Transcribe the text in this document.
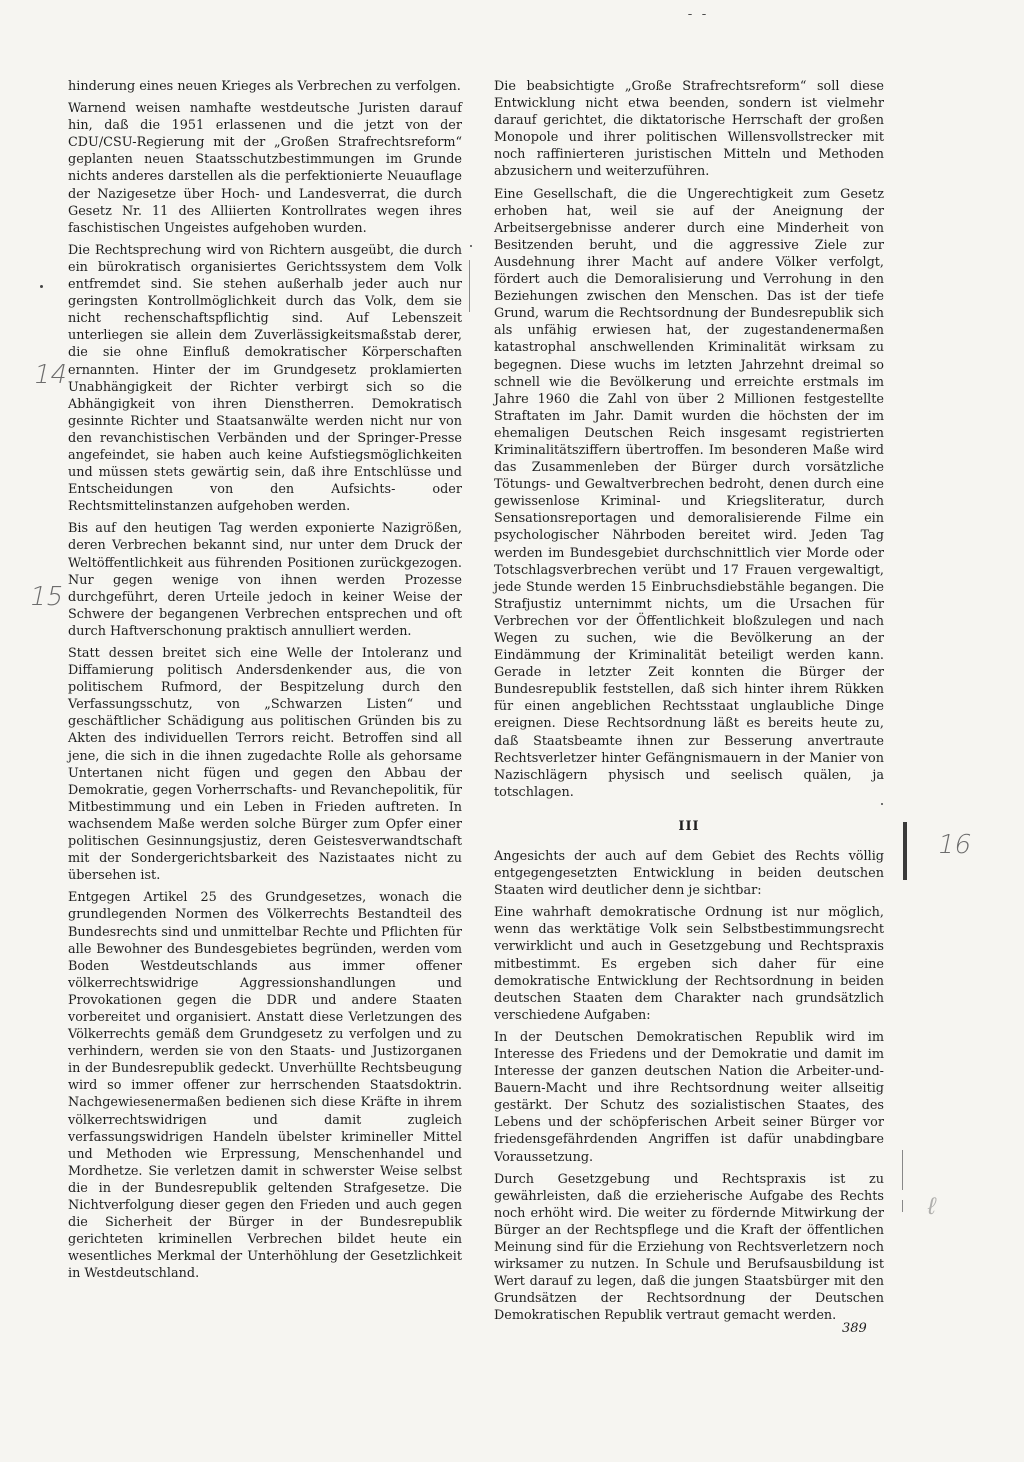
hinderung eines neuen Krieges als Verbrechen zu verfolgen.

Warnend weisen namhafte westdeutsche Juristen darauf hin, daß die 1951 erlassenen und die jetzt von der CDU/CSU-Regierung mit der „Großen Strafrechtsreform“ geplanten neuen Staatsschutzbestimmungen im Grunde nichts anderes darstellen als die perfektionierte Neuauflage der Nazigesetze über Hoch- und Landesverrat, die durch Gesetz Nr. 11 des Alliierten Kontrollrates wegen ihres faschistischen Ungeistes aufgehoben wurden.

Die Rechtsprechung wird von Richtern ausgeübt, die durch ein bürokratisch organisiertes Gerichtssystem dem Volk entfremdet sind. Sie stehen außerhalb jeder auch nur geringsten Kontrollmöglichkeit durch das Volk, dem sie nicht rechenschaftspflichtig sind. Auf Lebenszeit unterliegen sie allein dem Zuverlässigkeitsmaßstab derer, die sie ohne Einfluß demokratischer Körperschaften ernannten. Hinter der im Grundgesetz proklamierten Unabhängigkeit der Richter verbirgt sich so die Abhängigkeit von ihren Dienstherren. Demokratisch gesinnte Richter und Staatsanwälte werden nicht nur von den revanchistischen Verbänden und der Springer-Presse angefeindet, sie haben auch keine Aufstiegsmöglichkeiten und müssen stets gewärtig sein, daß ihre Entschlüsse und Entscheidungen von den Aufsichts- oder Rechtsmittelinstanzen aufgehoben werden.

Bis auf den heutigen Tag werden exponierte Nazigrößen, deren Verbrechen bekannt sind, nur unter dem Druck der Weltöffentlichkeit aus führenden Positionen zurückgezogen. Nur gegen wenige von ihnen werden Prozesse durchgeführt, deren Urteile jedoch in keiner Weise der Schwere der begangenen Verbrechen entsprechen und oft durch Haftverschonung praktisch annulliert werden.

Statt dessen breitet sich eine Welle der Intoleranz und Diffamierung politisch Andersdenkender aus, die von politischem Rufmord, der Bespitzelung durch den Verfassungsschutz, von „Schwarzen Listen“ und geschäftlicher Schädigung aus politischen Gründen bis zu Akten des individuellen Terrors reicht. Betroffen sind all jene, die sich in die ihnen zugedachte Rolle als gehorsame Untertanen nicht fügen und gegen den Abbau der Demokratie, gegen Vorherrschafts- und Revanchepolitik, für Mitbestimmung und ein Leben in Frieden auftreten. In wachsendem Maße werden solche Bürger zum Opfer einer politischen Gesinnungsjustiz, deren Geistesverwandtschaft mit der Sondergerichtsbarkeit des Nazistaates nicht zu übersehen ist.

Entgegen Artikel 25 des Grundgesetzes, wonach die grundlegenden Normen des Völkerrechts Bestandteil des Bundesrechts sind und unmittelbar Rechte und Pflichten für alle Bewohner des Bundesgebietes begründen, werden vom Boden Westdeutschlands aus immer offener völkerrechtswidrige Aggressionshandlungen und Provokationen gegen die DDR und andere Staaten vorbereitet und organisiert. Anstatt diese Verletzungen des Völkerrechts gemäß dem Grundgesetz zu verfolgen und zu verhindern, werden sie von den Staats- und Justizorganen in der Bundesrepublik gedeckt. Unverhüllte Rechtsbeugung wird so immer offener zur herrschenden Staatsdoktrin. Nachgewiesenermaßen bedienen sich diese Kräfte in ihrem völkerrechtswidrigen und damit zugleich verfassungswidrigen Handeln übelster krimineller Mittel und Methoden wie Erpressung, Menschenhandel und Mordhetze. Sie verletzen damit in schwerster Weise selbst die in der Bundesrepublik geltenden Strafgesetze. Die Nichtverfolgung dieser gegen den Frieden und auch gegen die Sicherheit der Bürger in der Bundesrepublik gerichteten kriminellen Verbrechen bildet heute ein wesentliches Merkmal der Unterhöhlung der Gesetzlichkeit in Westdeutschland.

Die beabsichtigte „Große Strafrechtsreform“ soll diese Entwicklung nicht etwa beenden, sondern ist vielmehr darauf gerichtet, die diktatorische Herrschaft der großen Monopole und ihrer politischen Willensvollstrecker mit noch raffinierteren juristischen Mitteln und Methoden abzusichern und weiterzuführen.

Eine Gesellschaft, die die Ungerechtigkeit zum Gesetz erhoben hat, weil sie auf der Aneignung der Arbeitsergebnisse anderer durch eine Minderheit von Besitzenden beruht, und die aggressive Ziele zur Ausdehnung ihrer Macht auf andere Völker verfolgt, fördert auch die Demoralisierung und Verrohung in den Beziehungen zwischen den Menschen. Das ist der tiefe Grund, warum die Rechtsordnung der Bundesrepublik sich als unfähig erwiesen hat, der zugestandenermaßen katastrophal anschwellenden Kriminalität wirksam zu begegnen. Diese wuchs im letzten Jahrzehnt dreimal so schnell wie die Bevölkerung und erreichte erstmals im Jahre 1960 die Zahl von über 2 Millionen festgestellte Straftaten im Jahr. Damit wurden die höchsten der im ehemaligen Deutschen Reich insgesamt registrierten Kriminalitätsziffern übertroffen. Im besonderen Maße wird das Zusammenleben der Bürger durch vorsätzliche Tötungs- und Gewaltverbrechen bedroht, denen durch eine gewissenlose Kriminal- und Kriegsliteratur, durch Sensationsreportagen und demoralisierende Filme ein psychologischer Nährboden bereitet wird. Jeden Tag werden im Bundesgebiet durchschnittlich vier Morde oder Totschlagsverbrechen verübt und 17 Frauen vergewaltigt, jede Stunde werden 15 Einbruchsdiebstähle begangen. Die Strafjustiz unternimmt nichts, um die Ursachen für Verbrechen vor der Öffentlichkeit bloßzulegen und nach Wegen zu suchen, wie die Bevölkerung an der Eindämmung der Kriminalität beteiligt werden kann. Gerade in letzter Zeit konnten die Bürger der Bundesrepublik feststellen, daß sich hinter ihrem Rükken für einen angeblichen Rechtsstaat unglaubliche Dinge ereignen. Diese Rechtsordnung läßt es bereits heute zu, daß Staatsbeamte ihnen zur Besserung anvertraute Rechtsverletzer hinter Gefängnismauern in der Manier von Nazischlägern physisch und seelisch quälen, ja totschlagen.

III

Angesichts der auch auf dem Gebiet des Rechts völlig entgegengesetzten Entwicklung in beiden deutschen Staaten wird deutlicher denn je sichtbar:

Eine wahrhaft demokratische Ordnung ist nur möglich, wenn das werktätige Volk sein Selbstbestimmungsrecht verwirklicht und auch in Gesetzgebung und Rechtspraxis mitbestimmt. Es ergeben sich daher für eine demokratische Entwicklung der Rechtsordnung in beiden deutschen Staaten dem Charakter nach grundsätzlich verschiedene Aufgaben:

In der Deutschen Demokratischen Republik wird im Interesse des Friedens und der Demokratie und damit im Interesse der ganzen deutschen Nation die Arbeiter-und-Bauern-Macht und ihre Rechtsordnung weiter allseitig gestärkt. Der Schutz des sozialistischen Staates, des Lebens und der schöpferischen Arbeit seiner Bürger vor friedensgefährdenden Angriffen ist dafür unabdingbare Voraussetzung.

Durch Gesetzgebung und Rechtspraxis ist zu gewährleisten, daß die erzieherische Aufgabe des Rechts noch erhöht wird. Die weiter zu fördernde Mitwirkung der Bürger an der Rechtspflege und die Kraft der öffentlichen Meinung sind für die Erziehung von Rechtsverletzern noch wirksamer zu nutzen. In Schule und Berufsausbildung ist Wert darauf zu legen, daß die jungen Staatsbürger mit den Grundsätzen der Rechtsordnung der Deutschen Demokratischen Republik vertraut gemacht werden.

389
14
15
16
ℓ
